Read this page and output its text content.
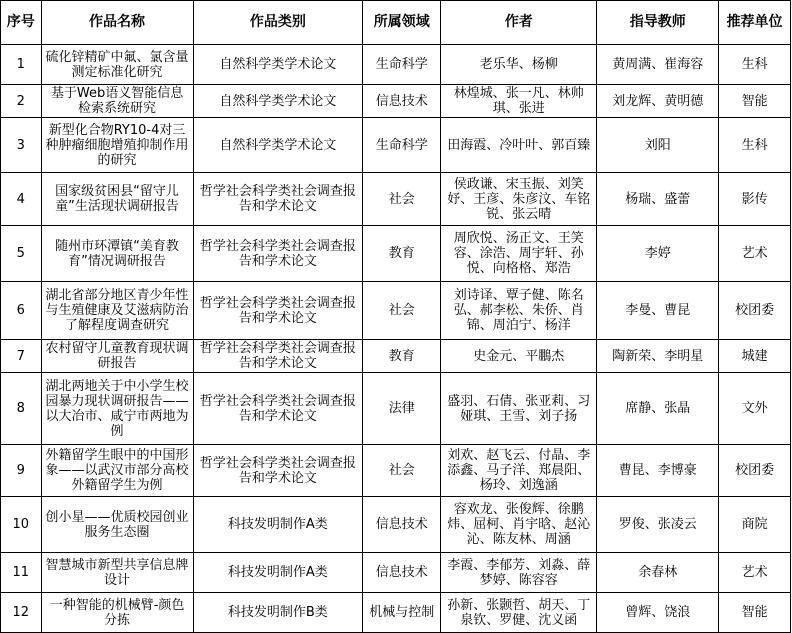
序号	作品名称	作品类别	所属领域	作者	指导教师	推荐单位
1	硫化锌精矿中氟、氯含量测定标准化研究	自然科学类学术论文	生命科学	老乐华、杨柳	黄周满、崔海容	生科
2	基于Web语义智能信息检索系统研究	自然科学类学术论文	信息技术	林煌城、张一凡、林帅琪、张进	刘龙辉、黄明德	智能
3	新型化合物RY10-4对三种肿瘤细胞增殖抑制作用的研究	自然科学类学术论文	生命科学	田海霞、冷叶叶、郭百臻	刘阳	生科
4	国家级贫困县“留守儿童”生活现状调研报告	哲学社会科学类社会调查报告和学术论文	社会	侯政谦、宋玉振、刘笑妤、王彦、朱彦汶、车铭锐、张云晴	杨瑞、盛蕾	影传
5	随州市环潭镇“美育教育”情况调研报告	哲学社会科学类社会调查报告和学术论文	教育	周欣悦、汤正文、王笑容、涂浩、周宇轩、孙悦、向格格、郑浩	李婷	艺术
6	湖北省部分地区青少年性与生殖健康及艾滋病防治了解程度调查研究	哲学社会科学类社会调查报告和学术论文	社会	刘诗译、覃子健、陈名弘、郝李松、朱侨、肖锦、周泊宁、杨洋	李曼、曹昆	校团委
7	农村留守儿童教育现状调研报告	哲学社会科学类社会调查报告和学术论文	教育	史金元、平鵬杰	陶新荣、李明星	城建
8	湖北两地关于中小学生校园暴力现状调研报告——以大冶市、咸宁市两地为例	哲学社会科学类社会调查报告和学术论文	法律	盛羽、石倩、张亚莉、习娅琪、王雪、刘子扬	席静、张晶	文外
9	外籍留学生眼中的中国形象——以武汉市部分高校外籍留学生为例	哲学社会科学类社会调查报告和学术论文	社会	刘欢、赵飞云、付晶、李添鑫、马子洋、郑晨阳、杨玲、刘逸涵	曹昆、李博豪	校团委
10	创小星——优质校园创业服务生态圈	科技发明制作A类	信息技术	容欢龙、张俊辉、徐鹏炜、屈柯、肖宇晗、赵沁沁、陈友林、周涵	罗俊、张凌云	商院
11	智慧城市新型共享信息牌设计	科技发明制作A类	信息技术	李霞、李郁芳、刘淼、薛梦婷、陈容容	余春林	艺术
12	一种智能的机械臂-颜色分拣	科技发明制作B类	机械与控制	孙新、张颢哲、胡天、丁泉钦、罗健、沈义函	曾辉、饶浪	智能
